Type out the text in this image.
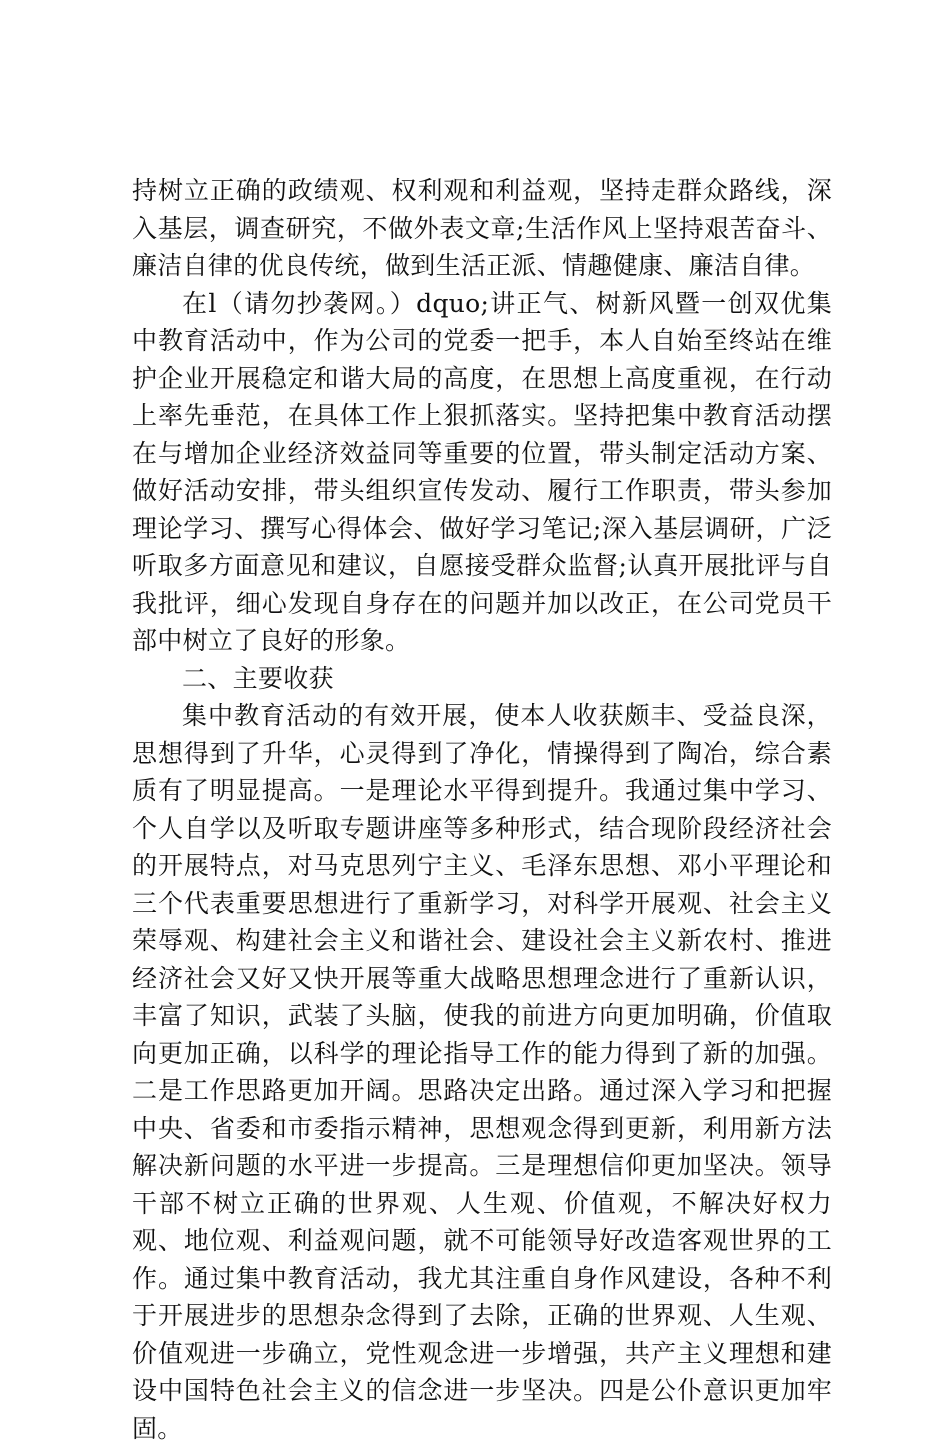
持树立正确的政绩观、权利观和利益观，坚持走群众路线，深入基层，调查研究，不做外表文章;生活作风上坚持艰苦奋斗、廉洁自律的优良传统，做到生活正派、情趣健康、廉洁自律。

在l（请勿抄袭网。）dquo;讲正气、树新风暨一创双优集中教育活动中，作为公司的党委一把手，本人自始至终站在维护企业开展稳定和谐大局的高度，在思想上高度重视，在行动上率先垂范，在具体工作上狠抓落实。坚持把集中教育活动摆在与增加企业经济效益同等重要的位置，带头制定活动方案、做好活动安排，带头组织宣传发动、履行工作职责，带头参加理论学习、撰写心得体会、做好学习笔记;深入基层调研，广泛听取多方面意见和建议，自愿接受群众监督;认真开展批评与自我批评，细心发现自身存在的问题并加以改正，在公司党员干部中树立了良好的形象。

二、主要收获

集中教育活动的有效开展，使本人收获颇丰、受益良深，思想得到了升华，心灵得到了净化，情操得到了陶冶，综合素质有了明显提高。一是理论水平得到提升。我通过集中学习、个人自学以及听取专题讲座等多种形式，结合现阶段经济社会的开展特点，对马克思列宁主义、毛泽东思想、邓小平理论和三个代表重要思想进行了重新学习，对科学开展观、社会主义荣辱观、构建社会主义和谐社会、建设社会主义新农村、推进经济社会又好又快开展等重大战略思想理念进行了重新认识，丰富了知识，武装了头脑，使我的前进方向更加明确，价值取向更加正确，以科学的理论指导工作的能力得到了新的加强。二是工作思路更加开阔。思路决定出路。通过深入学习和把握中央、省委和市委指示精神，思想观念得到更新，利用新方法解决新问题的水平进一步提高。三是理想信仰更加坚决。领导干部不树立正确的世界观、人生观、价值观，不解决好权力观、地位观、利益观问题，就不可能领导好改造客观世界的工作。通过集中教育活动，我尤其注重自身作风建设，各种不利于开展进步的思想杂念得到了去除，正确的世界观、人生观、价值观进一步确立，党性观念进一步增强，共产主义理想和建设中国特色社会主义的信念进一步坚决。四是公仆意识更加牢固。
